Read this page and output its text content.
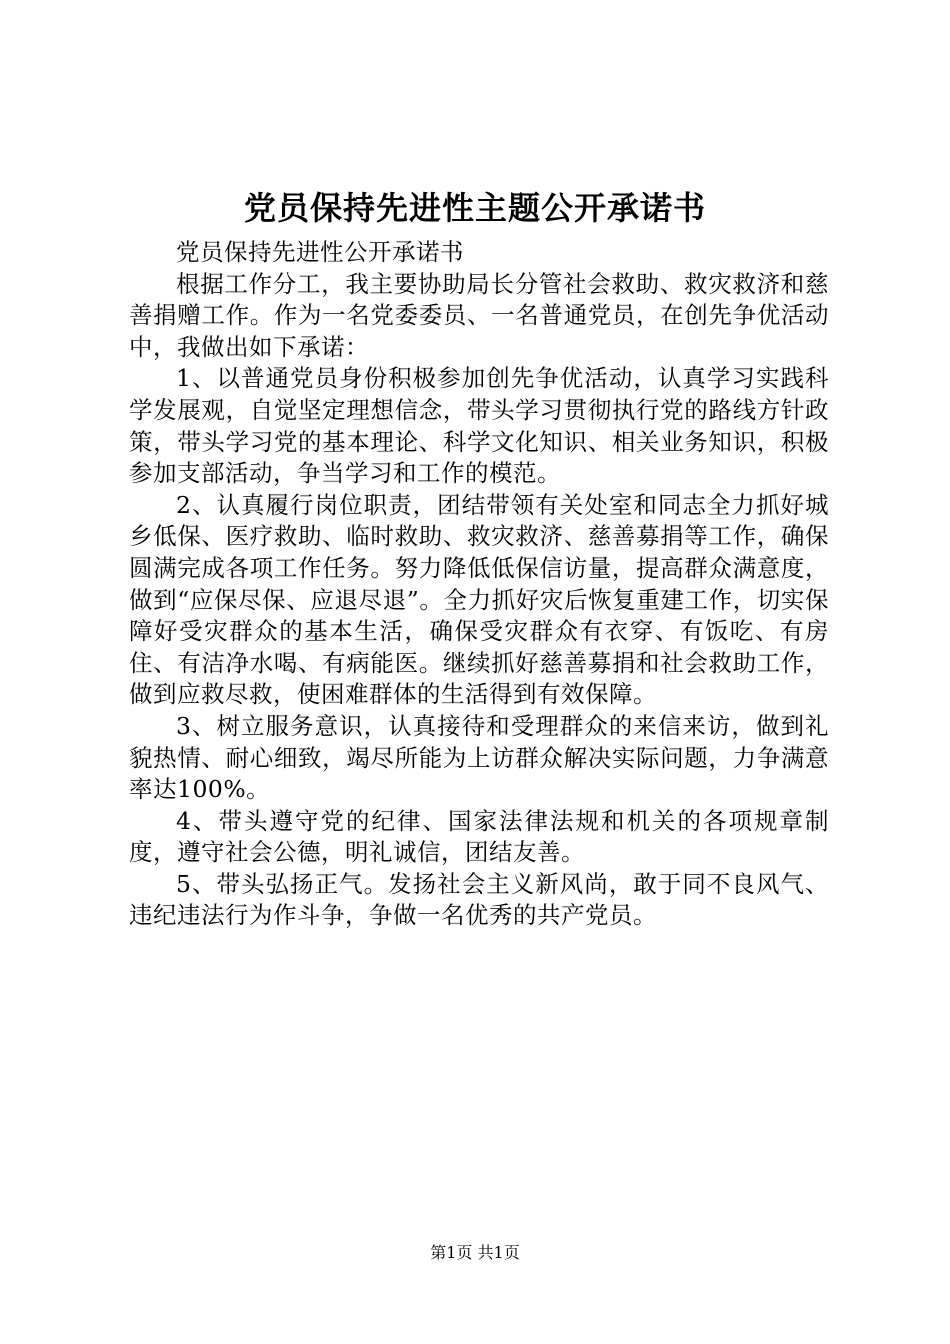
党员保持先进性主题公开承诺书

党员保持先进性公开承诺书

根据工作分工，我主要协助局长分管社会救助、救灾救济和慈善捐赠工作。作为一名党委委员、一名普通党员，在创先争优活动中，我做出如下承诺：

1、以普通党员身份积极参加创先争优活动，认真学习实践科学发展观，自觉坚定理想信念，带头学习贯彻执行党的路线方针政策，带头学习党的基本理论、科学文化知识、相关业务知识，积极参加支部活动，争当学习和工作的模范。

2、认真履行岗位职责，团结带领有关处室和同志全力抓好城乡低保、医疗救助、临时救助、救灾救济、慈善募捐等工作，确保圆满完成各项工作任务。努力降低低保信访量，提高群众满意度，做到“应保尽保、应退尽退”。全力抓好灾后恢复重建工作，切实保障好受灾群众的基本生活，确保受灾群众有衣穿、有饭吃、有房住、有洁净水喝、有病能医。继续抓好慈善募捐和社会救助工作，做到应救尽救，使困难群体的生活得到有效保障。

3、树立服务意识，认真接待和受理群众的来信来访，做到礼貌热情、耐心细致，竭尽所能为上访群众解决实际问题，力争满意率达100%。

4、带头遵守党的纪律、国家法律法规和机关的各项规章制度，遵守社会公德，明礼诚信，团结友善。

5、带头弘扬正气。发扬社会主义新风尚，敢于同不良风气、违纪违法行为作斗争，争做一名优秀的共产党员。

第1页 共1页
